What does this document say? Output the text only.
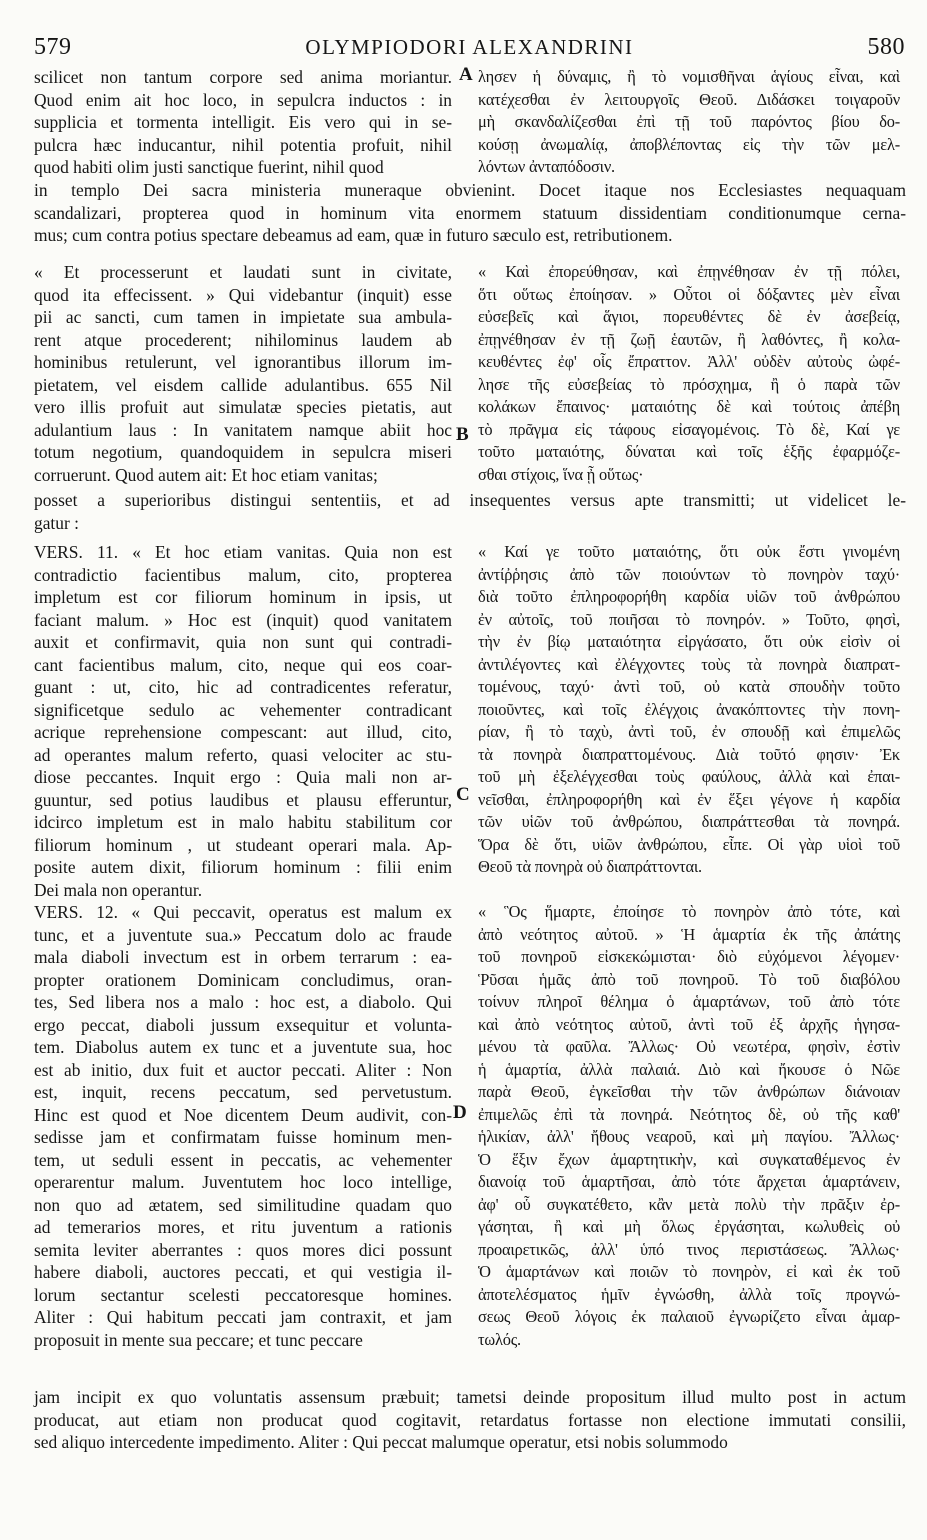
579	OLYMPIODORI ALEXANDRINI	580
A
B
C
D

scilicet non tantum corpore sed anima moriantur.

Quod enim ait hoc loco, in sepulcra inductos : in

supplicia et tormenta intelligit. Eis vero qui in se-

pulcra hæc inducantur, nihil potentia profuit, nihil

quod habiti olim justi sanctique fuerint, nihil quod

λησεν ἡ δύναμις, ἢ τὸ νομισθῆναι ἁγίους εἶναι, καὶ

κατέχεσθαι ἐν λειτουργοῖς Θεοῦ. Διδάσκει τοιγαροῦν

μὴ σκανδαλίζεσθαι ἐπὶ τῇ τοῦ παρόντος βίου δο-

κούσῃ ἀνωμαλίᾳ, ἀποβλέποντας εἰς τὴν τῶν μελ-

λόντων ἀνταπόδοσιν.

in templo Dei sacra ministeria muneraque obvienint. Docet itaque nos Ecclesiastes nequaquam

scandalizari, propterea quod in hominum vita enormem statuum dissidentiam conditionumque cerna-

mus; cum contra potius spectare debeamus ad eam, quæ in futuro sæculo est, retributionem.

« Et processerunt et laudati sunt in civitate,

quod ita effecissent. » Qui videbantur (inquit) esse

pii ac sancti, cum tamen in impietate sua ambula-

rent atque procederent; nihilominus laudem ab

hominibus retulerunt, vel ignorantibus illorum im-

pietatem, vel eisdem callide adulantibus. 655 Nil

vero illis profuit aut simulatæ species pietatis, aut

adulantium laus : In vanitatem namque abiit hoc

totum negotium, quandoquidem in sepulcra miseri

corruerunt. Quod autem ait: Et hoc etiam vanitas;

« Καὶ ἐπορεύθησαν, καὶ ἐπῃνέθησαν ἐν τῇ πόλει,

ὅτι οὕτως ἐποίησαν. » Οὗτοι οἱ δόξαντες μὲν εἶναι

εὐσεβεῖς καὶ ἅγιοι, πορευθέντες δὲ ἐν ἀσεβείᾳ,

ἐπῃνέθησαν ἐν τῇ ζωῇ ἑαυτῶν, ἢ λαθόντες, ἢ κολα-

κευθέντες ἐφ' οἷς ἔπραττον. Ἀλλ' οὐδὲν αὐτοὺς ὠφέ-

λησε τῆς εὐσεβείας τὸ πρόσχημα, ἢ ὁ παρὰ τῶν

κολάκων ἔπαινος· ματαιότης δὲ καὶ τούτοις ἀπέβη

τὸ πρᾶγμα εἰς τάφους εἰσαγομένοις. Τὸ δὲ, Καί γε

τοῦτο ματαιότης, δύναται καὶ τοῖς ἑξῆς ἐφαρμόζε-

σθαι στίχοις, ἵνα ᾖ οὕτως·

posset a superioribus distingui sententiis, et ad insequentes versus apte transmitti; ut videlicet le-

gatur :

VERS. 11. « Et hoc etiam vanitas. Quia non est

contradictio facientibus malum, cito, propterea

impletum est cor filiorum hominum in ipsis, ut

faciant malum. » Hoc est (inquit) quod vanitatem

auxit et confirmavit, quia non sunt qui contradi-

cant facientibus malum, cito, neque qui eos coar-

guant : ut, cito, hic ad contradicentes referatur,

significetque sedulo ac vehementer contradicant

acrique reprehensione compescant: aut illud, cito,

ad operantes malum referto, quasi velociter ac stu-

diose peccantes. Inquit ergo : Quia mali non ar-

guuntur, sed potius laudibus et plausu efferuntur,

idcirco impletum est in malo habitu stabilitum cor

filiorum hominum , ut studeant operari mala. Ap-

posite autem dixit, filiorum hominum : filii enim

Dei mala non operantur.

VERS. 12. « Qui peccavit, operatus est malum ex

tunc, et a juventute sua.» Peccatum dolo ac fraude

mala diaboli invectum est in orbem terrarum : ea-

propter orationem Dominicam concludimus, oran-

tes, Sed libera nos a malo : hoc est, a diabolo. Qui

ergo peccat, diaboli jussum exsequitur et volunta-

tem. Diabolus autem ex tunc et a juventute sua, hoc

est ab initio, dux fuit et auctor peccati. Aliter : Non

est, inquit, recens peccatum, sed pervetustum.

Hinc est quod et Noe dicentem Deum audivit, con-

sedisse jam et confirmatam fuisse hominum men-

tem, ut seduli essent in peccatis, ac vehementer

operarentur malum. Juventutem hoc loco intellige,

non quo ad ætatem, sed similitudine quadam quo

ad temerarios mores, et ritu juventum a rationis

semita leviter aberrantes : quos mores dici possunt

habere diaboli, auctores peccati, et qui vestigia il-

lorum sectantur scelesti peccatoresque homines.

Aliter : Qui habitum peccati jam contraxit, et jam

proposuit in mente sua peccare; et tunc peccare

« Καί γε τοῦτο ματαιότης, ὅτι οὐκ ἔστι γινομένη

ἀντίῤῥησις ἀπὸ τῶν ποιούντων τὸ πονηρὸν ταχύ·

διὰ τοῦτο ἐπληροφορήθη καρδία υἱῶν τοῦ ἀνθρώπου

ἐν αὐτοῖς, τοῦ ποιῆσαι τὸ πονηρόν. » Τοῦτο, φησὶ,

τὴν ἐν βίῳ ματαιότητα εἰργάσατο, ὅτι οὐκ εἰσὶν οἱ

ἀντιλέγοντες καὶ ἐλέγχοντες τοὺς τὰ πονηρὰ διαπρατ-

τομένους, ταχύ· ἀντὶ τοῦ, οὐ κατὰ σπουδὴν τοῦτο

ποιοῦντες, καὶ τοῖς ἐλέγχοις ἀνακόπτοντες τὴν πονη-

ρίαν, ἢ τὸ ταχὺ, ἀντὶ τοῦ, ἐν σπουδῇ καὶ ἐπιμελῶς

τὰ πονηρὰ διαπραττομένους. Διὰ τοῦτό φησιν· Ἐκ

τοῦ μὴ ἐξελέγχεσθαι τοὺς φαύλους, ἀλλὰ καὶ ἐπαι-

νεῖσθαι, ἐπληροφορήθη καὶ ἐν ἕξει γέγονε ἡ καρδία

τῶν υἱῶν τοῦ ἀνθρώπου, διαπράττεσθαι τὰ πονηρά.

Ὅρα δὲ ὅτι, υἱῶν ἀνθρώπου, εἶπε. Οἱ γὰρ υἱοὶ τοῦ

Θεοῦ τὰ πονηρὰ οὐ διαπράττονται.

« Ὃς ἥμαρτε, ἐποίησε τὸ πονηρὸν ἀπὸ τότε, καὶ

ἀπὸ νεότητος αὐτοῦ. » Ἡ ἁμαρτία ἐκ τῆς ἀπάτης

τοῦ πονηροῦ εἰσκεκώμισται· διὸ εὐχόμενοι λέγομεν·

Ῥῦσαι ἡμᾶς ἀπὸ τοῦ πονηροῦ. Τὸ τοῦ διαβόλου

τοίνυν πληροῖ θέλημα ὁ ἁμαρτάνων, τοῦ ἀπὸ τότε

καὶ ἀπὸ νεότητος αὐτοῦ, ἀντὶ τοῦ ἐξ ἀρχῆς ἡγησα-

μένου τὰ φαῦλα. Ἄλλως· Οὐ νεωτέρα, φησὶν, ἐστὶν

ἡ ἁμαρτία, ἀλλὰ παλαιά. Διὸ καὶ ἤκουσε ὁ Νῶε

παρὰ Θεοῦ, ἐγκεῖσθαι τὴν τῶν ἀνθρώπων διάνοιαν

ἐπιμελῶς ἐπὶ τὰ πονηρά. Νεότητος δὲ, οὐ τῆς καθ'

ἡλικίαν, ἀλλ' ἤθους νεαροῦ, καὶ μὴ παγίου. Ἄλλως·

Ὁ ἕξιν ἔχων ἁμαρτητικὴν, καὶ συγκαταθέμενος ἐν

διανοίᾳ τοῦ ἁμαρτῆσαι, ἀπὸ τότε ἄρχεται ἁμαρτάνειν,

ἀφ' οὗ συγκατέθετο, κἂν μετὰ πολὺ τὴν πρᾶξιν ἐρ-

γάσηται, ἢ καὶ μὴ ὅλως ἐργάσηται, κωλυθεὶς οὐ

προαιρετικῶς, ἀλλ' ὑπό τινος περιστάσεως. Ἄλλως·

Ὁ ἁμαρτάνων καὶ ποιῶν τὸ πονηρὸν, εἰ καὶ ἐκ τοῦ

ἀποτελέσματος ἡμῖν ἐγνώσθη, ἀλλὰ τοῖς προγνώ-

σεως Θεοῦ λόγοις ἐκ παλαιοῦ ἐγνωρίζετο εἶναι ἁμαρ-

τωλός.

jam incipit ex quo voluntatis assensum præbuit; tametsi deinde propositum illud multo post in actum

producat, aut etiam non producat quod cogitavit, retardatus fortasse non electione immutati consilii,

sed aliquo intercedente impedimento. Aliter : Qui peccat malumque operatur, etsi nobis solummodo
